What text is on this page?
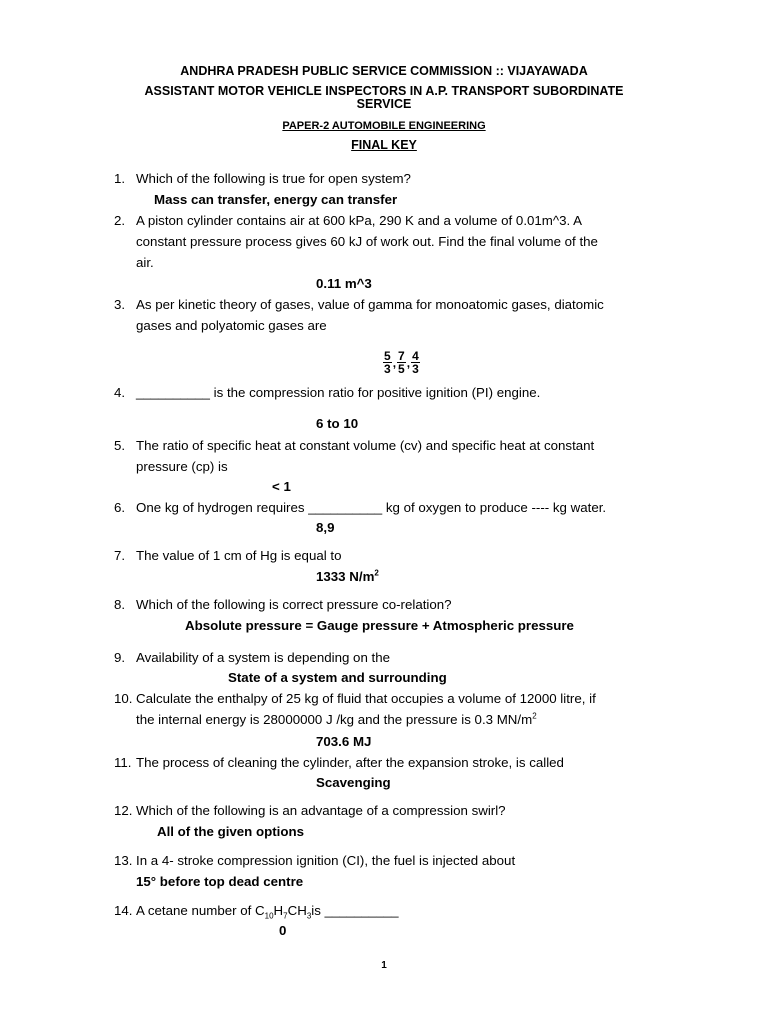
ANDHRA PRADESH PUBLIC SERVICE COMMISSION :: VIJAYAWADA
ASSISTANT MOTOR VEHICLE INSPECTORS IN A.P. TRANSPORT SUBORDINATE
SERVICE
PAPER-2 AUTOMOBILE ENGINEERING
FINAL KEY
1. Which of the following is true for open system?
Mass can transfer, energy can transfer
2. A piston cylinder contains air at 600 kPa, 290 K and a volume of 0.01m^3. A
constant pressure process gives 60 kJ of work out. Find the final volume of the
air.
0.11 m^3
3. As per kinetic theory of gases, value of gamma for monoatomic gases, diatomic
gases and polyatomic gases are
$\frac{5}{3}$ , $\frac{7}{5}$ , $\frac{4}{3}$
4. __________ is the compression ratio for positive ignition (PI) engine.
6 to 10
5. The ratio of specific heat at constant volume (cv) and specific heat at constant
pressure (cp) is
< 1
6. One kg of hydrogen requires __________ kg of oxygen to produce ---- kg water.
8,9
7. The value of 1 cm of Hg is equal to
1333 $N/m^2$
8. Which of the following is correct pressure co-relation?
Absolute pressure = Gauge pressure + Atmospheric pressure
9. Availability of a system is depending on the
State of a system and surrounding
10. Calculate the enthalpy of 25 kg of fluid that occupies a volume of 12000 litre, if
the internal energy is 28000000 J /kg and the pressure is 0.3 $MN/m^2$
703.6 MJ
11. The process of cleaning the cylinder, after the expansion stroke, is called
Scavenging
12. Which of the following is an advantage of a compression swirl?
All of the given options
13. In a 4- stroke compression ignition (CI), the fuel is injected about
15° before top dead centre
14. A cetane number of $C_{10}H_7CH_3is$ __________
0
1
